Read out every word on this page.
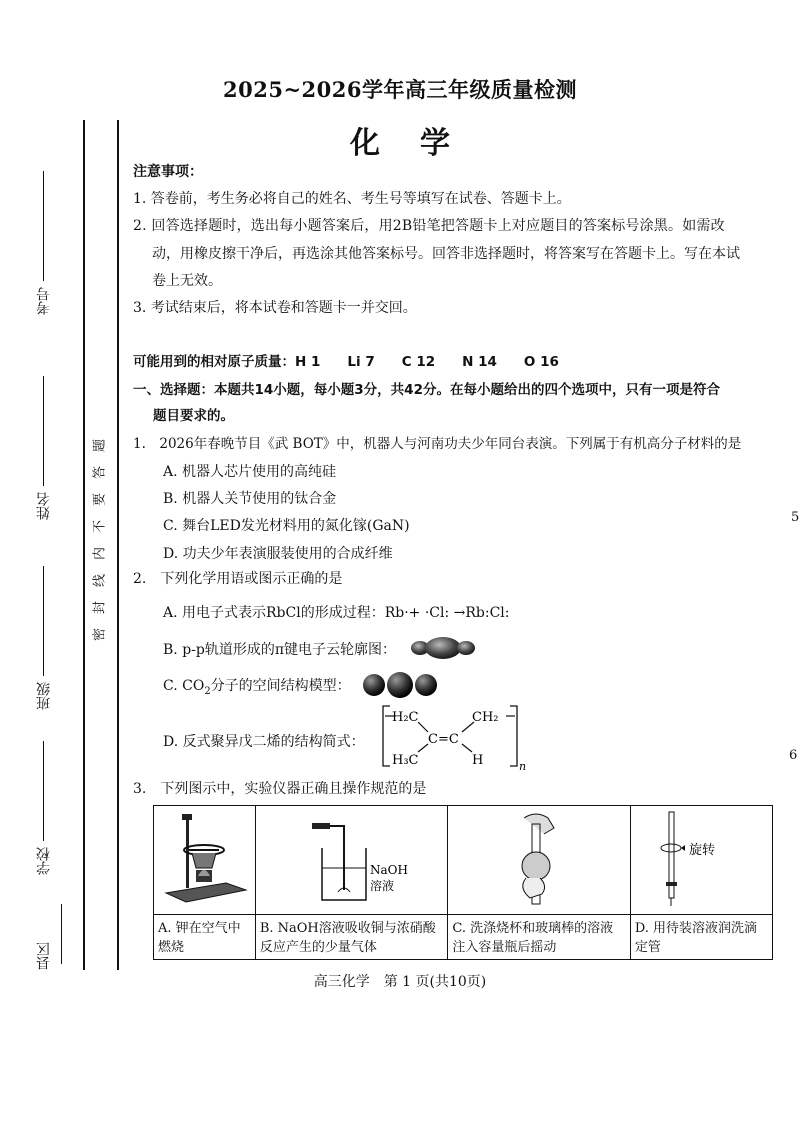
2025~2026学年高三年级质量检测
化学
考号
姓名
班级
学校
县区
题
答
要
不
内
线
封
密
注意事项：
1. 答卷前，考生务必将自己的姓名、考生号等填写在试卷、答题卡上。
2. 回答选择题时，选出每小题答案后，用2B铅笔把答题卡上对应题目的答案标号涂黑。如需改
动，用橡皮擦干净后，再选涂其他答案标号。回答非选择题时，将答案写在答题卡上。写在本试
卷上无效。
3. 考试结束后，将本试卷和答题卡一并交回。
可能用到的相对原子质量：H 1　　Li 7　　C 12　　N 14　　O 16
一、选择题：本题共14小题，每小题3分，共42分。在每小题给出的四个选项中，只有一项是符合
题目要求的。
1.　2026年春晚节目《武 BOT》中，机器人与河南功夫少年同台表演。下列属于有机高分子材料的是
A. 机器人芯片使用的高纯硅
B. 机器人关节使用的钛合金
C. 舞台LED发光材料用的氮化镓(GaN)
D. 功夫少年表演服装使用的合成纤维
2.　下列化学用语或图示正确的是
A. 用电子式表示RbCl的形成过程：Rb·+ ·Cl: →Rb:Cl:
B. p-p轨道形成的π键电子云轮廓图：
C. $CO_2$分子的空间结构模型：
D. 反式聚异戊二烯的结构简式：
H₂C	CH₂
C=C
H₃C	H	n
3.　下列图示中，实验仪器正确且操作规范的是

NaOH
溶液		旋转

A. 钾在空气中燃烧	B. NaOH溶液吸收铜与浓硝酸反应产生的少量气体	C. 洗涤烧杯和玻璃棒的溶液注入容量瓶后摇动	D. 用待装溶液润洗滴定管
高三化学　第 1 页(共10页)
5
6
